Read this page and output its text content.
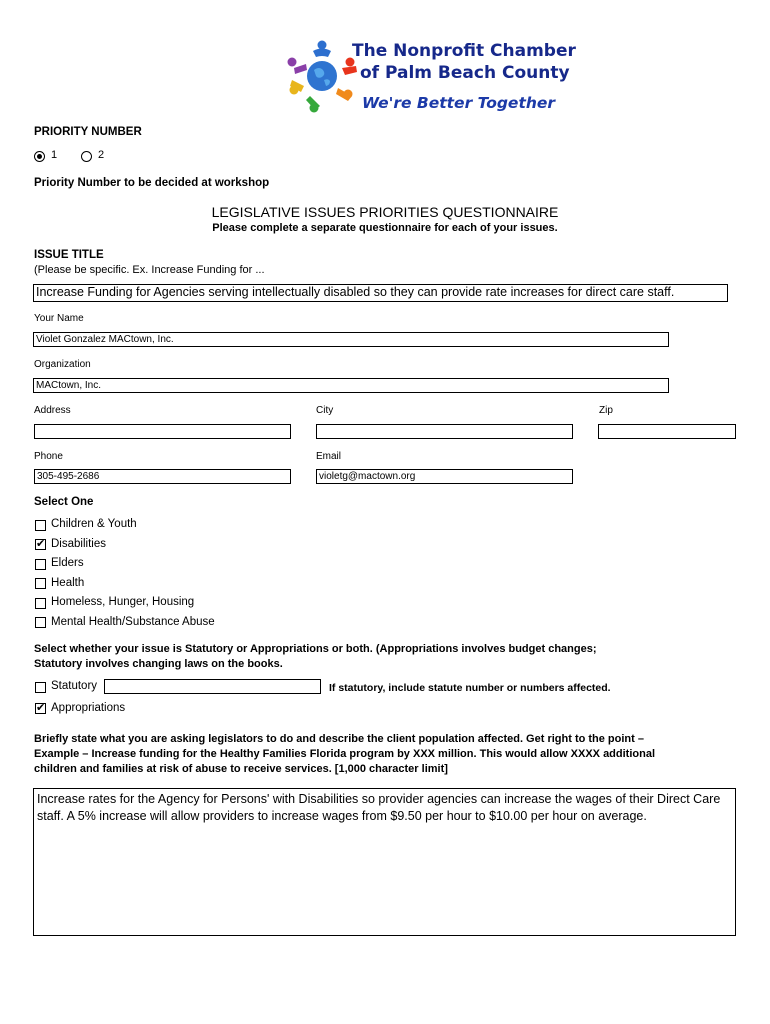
The Nonprofit Chamber
of Palm Beach County
We're Better Together
PRIORITY NUMBER
1	2
Priority Number to be decided at workshop
LEGISLATIVE ISSUES PRIORITIES QUESTIONNAIRE
Please complete a separate questionnaire for each of your issues.
ISSUE TITLE
(Please be specific. Ex. Increase Funding for ...
Increase Funding for Agencies serving intellectually disabled so they can provide rate increases for direct care staff.
Your Name
Violet Gonzalez MACtown, Inc.
Organization
MACtown, Inc.
Address	City	Zip
Phone	Email
305-495-2686	violetg@mactown.org
Select One
Children & Youth
✔ Disabilities
Elders
Health
Homeless, Hunger, Housing
Mental Health/Substance Abuse
Select whether your issue is Statutory or Appropriations or both. (Appropriations involves budget changes;
Statutory involves changing laws on the books.
Statutory	If statutory, include statute number or numbers affected.
✔ Appropriations
Briefly state what you are asking legislators to do and describe the client population affected. Get right to the point –
Example – Increase funding for the Healthy Families Florida program by XXX million. This would allow XXXX additional
children and families at risk of abuse to receive services. [1,000 character limit]
Increase rates for the Agency for Persons' with Disabilities so provider agencies can increase the wages of their Direct Care staff. A 5% increase will allow providers to increase wages from $9.50 per hour to $10.00 per hour on average.
